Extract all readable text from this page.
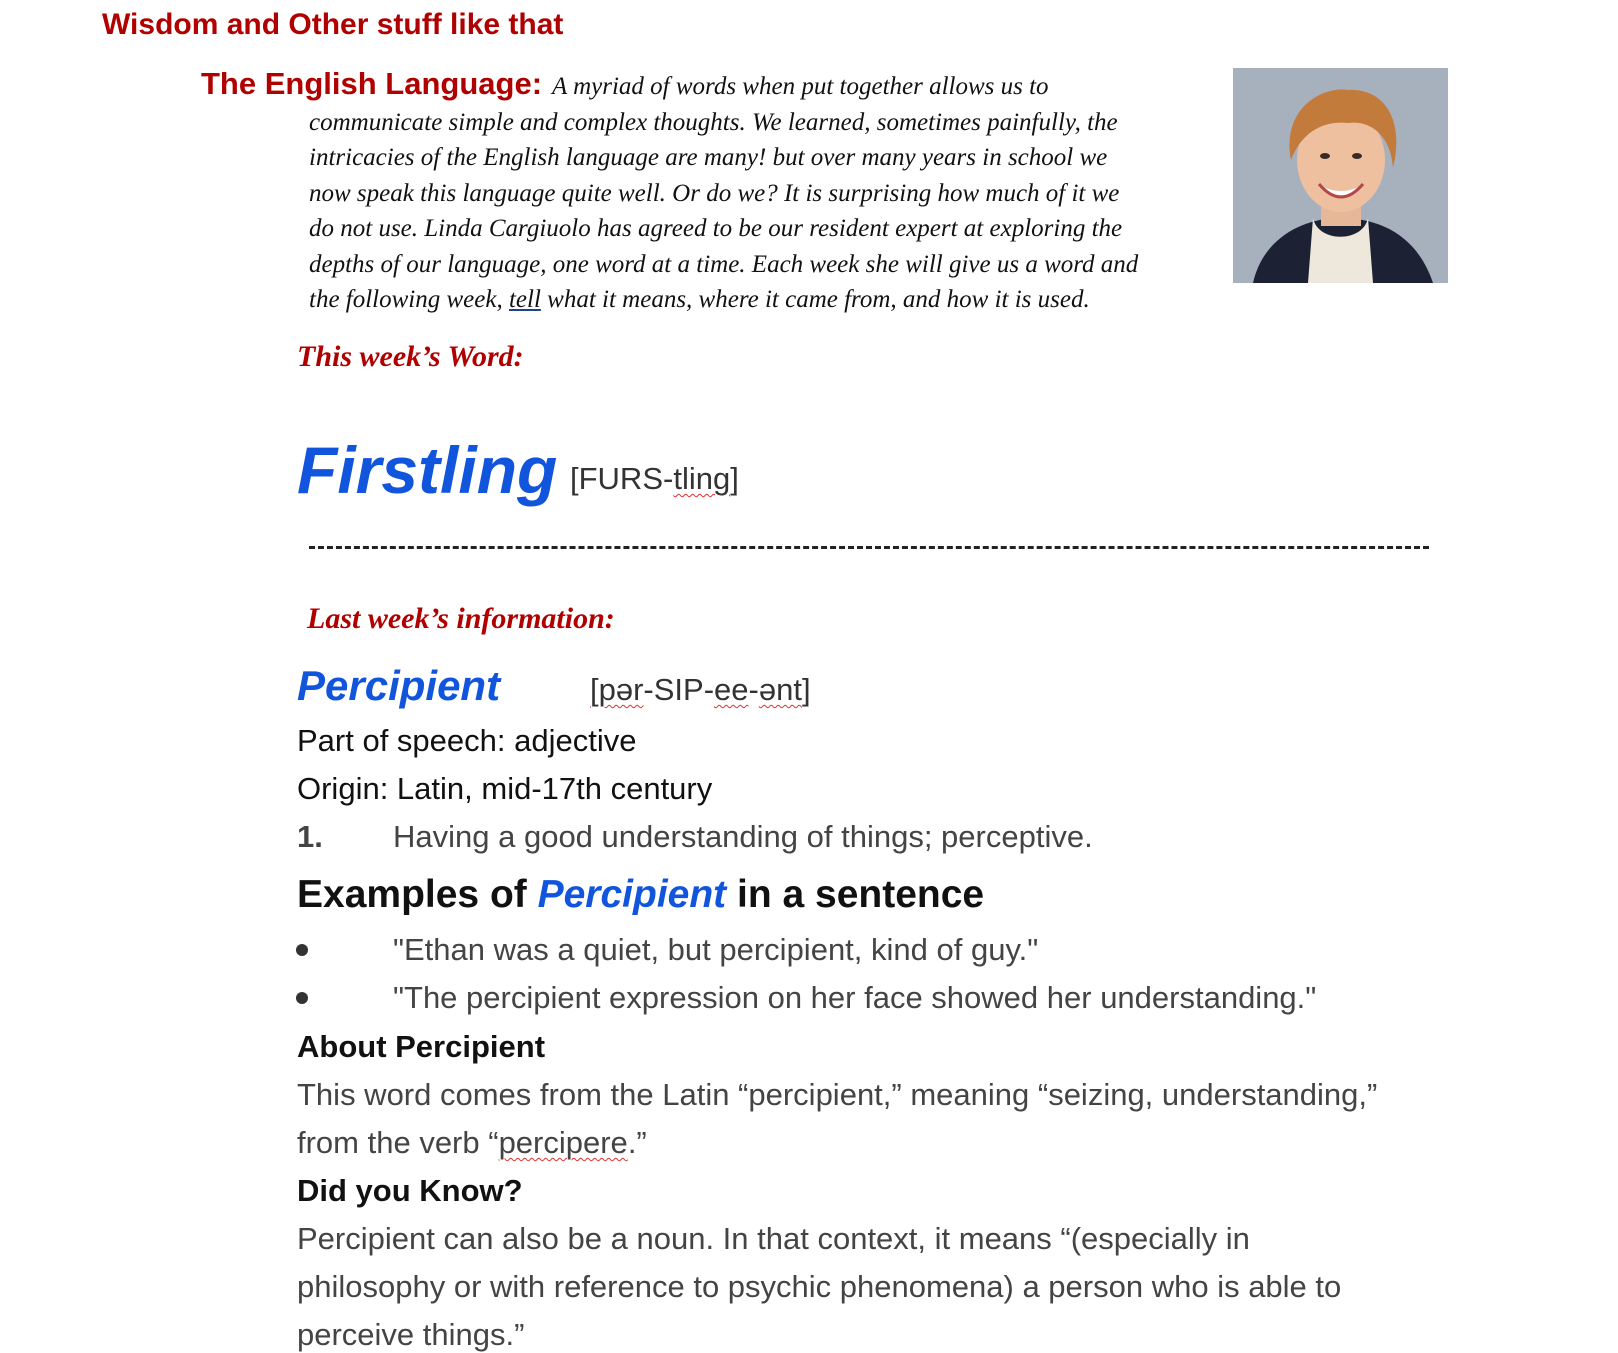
Wisdom and Other stuff like that
The English Language: A myriad of words when put together allows us to
communicate simple and complex thoughts. We learned, sometimes painfully, the
intricacies of the English language are many! but over many years in school we
now speak this language quite well. Or do we? It is surprising how much of it we
do not use. Linda Cargiuolo has agreed to be our resident expert at exploring the
depths of our language, one word at a time. Each week she will give us a word and
the following week, tell what it means, where it came from, and how it is used.
This week’s Word:
Firstling [FURS-tling]
Last week’s information:
Percipient	[pər-SIP-ee-ənt]
Part of speech: adjective
Origin: Latin, mid-17th century
1. Having a good understanding of things; perceptive.
Examples of Percipient in a sentence
"Ethan was a quiet, but percipient, kind of guy."
"The percipient expression on her face showed her understanding."
About Percipient
This word comes from the Latin “percipient,” meaning “seizing, understanding,”
from the verb “percipere.”
Did you Know?
Percipient can also be a noun. In that context, it means “(especially in
philosophy or with reference to psychic phenomena) a person who is able to
perceive things.”
